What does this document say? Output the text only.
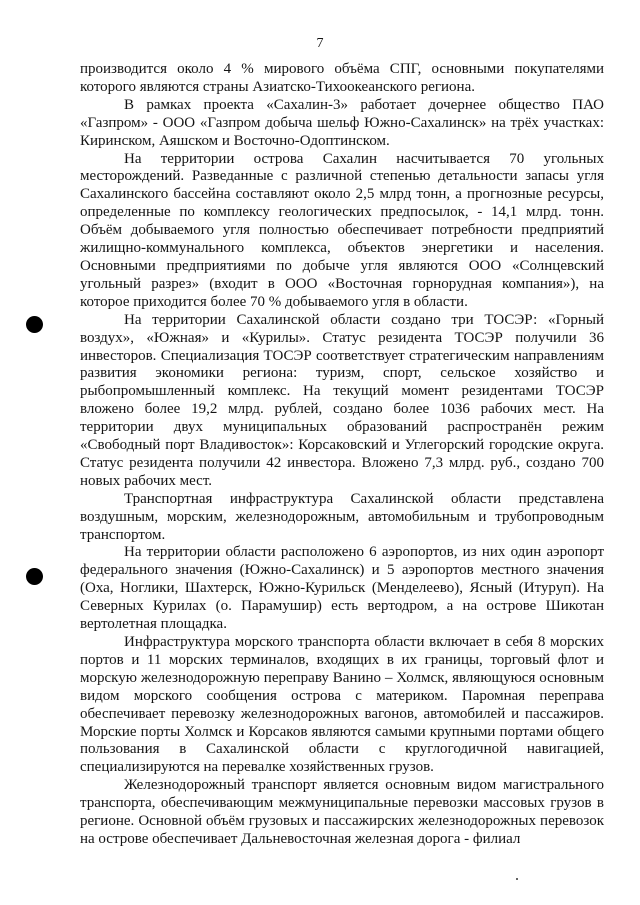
7

производится около 4 % мирового объёма СПГ, основными покупателями которого являются страны Азиатско-Тихоокеанского региона.

В рамках проекта «Сахалин-3» работает дочернее общество ПАО «Газпром» - ООО «Газпром добыча шельф Южно-Сахалинск» на трёх участках: Киринском, Аяшском и Восточно-Одоптинском.

На территории острова Сахалин насчитывается 70 угольных месторождений. Разведанные с различной степенью детальности запасы угля Сахалинского бассейна составляют около 2,5 млрд тонн, а прогнозные ресурсы, определенные по комплексу геологических предпосылок, - 14,1 млрд. тонн. Объём добываемого угля полностью обеспечивает потребности предприятий жилищно-коммунального комплекса, объектов энергетики и населения. Основными предприятиями по добыче угля являются ООО «Солнцевский угольный разрез» (входит в ООО «Восточная горнорудная компания»), на которое приходится более 70 % добываемого угля в области.

На территории Сахалинской области создано три ТОСЭР: «Горный воздух», «Южная» и «Курилы». Статус резидента ТОСЭР получили 36 инвесторов. Специализация ТОСЭР соответствует стратегическим направлениям развития экономики региона: туризм, спорт, сельское хозяйство и рыбопромышленный комплекс. На текущий момент резидентами ТОСЭР вложено более 19,2 млрд. рублей, создано более 1036 рабочих мест. На территории двух муниципальных образований распространён режим «Свободный порт Владивосток»: Корсаковский и Углегорский городские округа. Статус резидента получили 42 инвестора. Вложено 7,3 млрд. руб., создано 700 новых рабочих мест.

Транспортная инфраструктура Сахалинской области представлена воздушным, морским, железнодорожным, автомобильным и трубопроводным транспортом.

На территории области расположено 6 аэропортов, из них один аэропорт федерального значения (Южно-Сахалинск) и 5 аэропортов местного значения (Оха, Ноглики, Шахтерск, Южно-Курильск (Менделеево), Ясный (Итуруп). На Северных Курилах (о. Парамушир) есть вертодром, а на острове Шикотан вертолетная площадка.

Инфраструктура морского транспорта области включает в себя 8 морских портов и 11 морских терминалов, входящих в их границы, торговый флот и морскую железнодорожную переправу Ванино – Холмск, являющуюся основным видом морского сообщения острова с материком. Паромная переправа обеспечивает перевозку железнодорожных вагонов, автомобилей и пассажиров. Морские порты Холмск и Корсаков являются самыми крупными портами общего пользования в Сахалинской области с круглогодичной навигацией, специализируются на перевалке хозяйственных грузов.

Железнодорожный транспорт является основным видом магистрального транспорта, обеспечивающим межмуниципальные перевозки массовых грузов в регионе. Основной объём грузовых и пассажирских железнодорожных перевозок на острове обеспечивает Дальневосточная железная дорога - филиал
